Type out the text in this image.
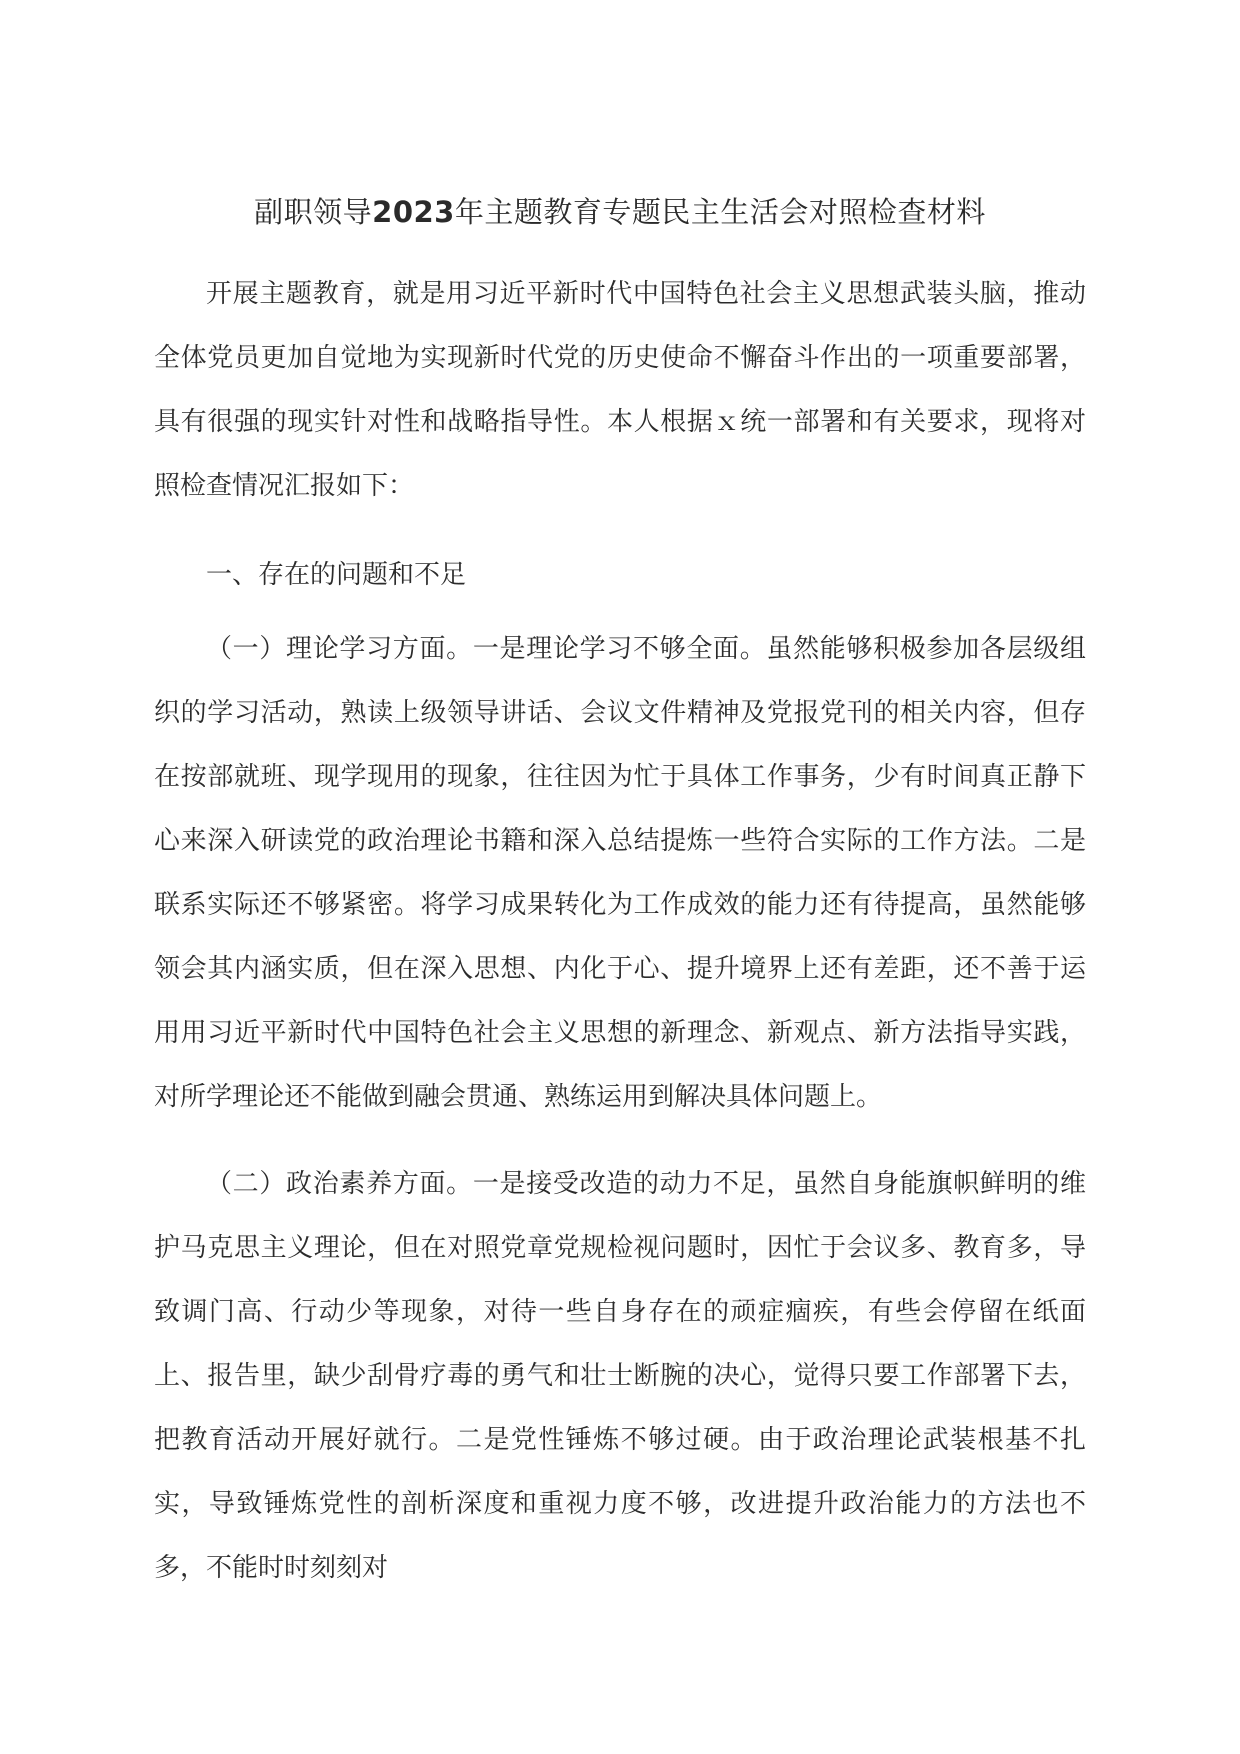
副职领导2023年主题教育专题民主生活会对照检查材料

开展主题教育，就是用习近平新时代中国特色社会主义思想武装头脑，推动全体党员更加自觉地为实现新时代党的历史使命不懈奋斗作出的一项重要部署，具有很强的现实针对性和战略指导性。本人根据ｘ统一部署和有关要求，现将对照检查情况汇报如下：

一、存在的问题和不足

（一）理论学习方面。一是理论学习不够全面。虽然能够积极参加各层级组织的学习活动，熟读上级领导讲话、会议文件精神及党报党刊的相关内容，但存在按部就班、现学现用的现象，往往因为忙于具体工作事务，少有时间真正静下心来深入研读党的政治理论书籍和深入总结提炼一些符合实际的工作方法。二是联系实际还不够紧密。将学习成果转化为工作成效的能力还有待提高，虽然能够领会其内涵实质，但在深入思想、内化于心、提升境界上还有差距，还不善于运用用习近平新时代中国特色社会主义思想的新理念、新观点、新方法指导实践，对所学理论还不能做到融会贯通、熟练运用到解决具体问题上。

（二）政治素养方面。一是接受改造的动力不足，虽然自身能旗帜鲜明的维护马克思主义理论，但在对照党章党规检视问题时，因忙于会议多、教育多，导致调门高、行动少等现象，对待一些自身存在的顽症痼疾，有些会停留在纸面上、报告里，缺少刮骨疗毒的勇气和壮士断腕的决心，觉得只要工作部署下去，把教育活动开展好就行。二是党性锤炼不够过硬。由于政治理论武装根基不扎实，导致锤炼党性的剖析深度和重视力度不够，改进提升政治能力的方法也不多，不能时时刻刻对
